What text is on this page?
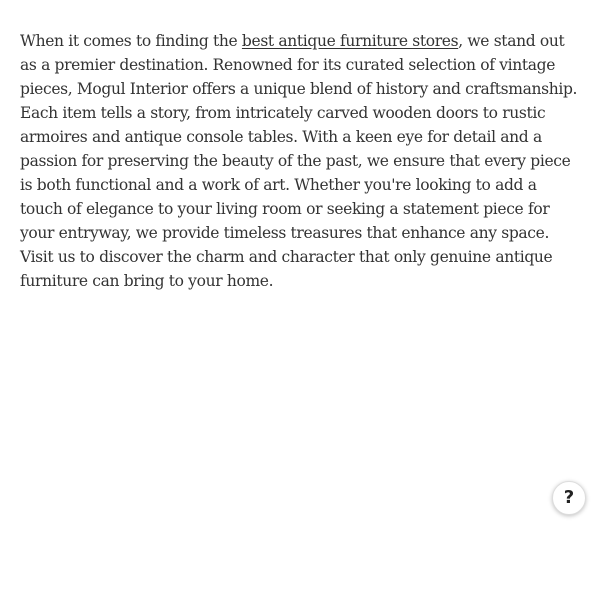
When it comes to finding the best antique furniture stores, we stand out as a premier destination. Renowned for its curated selection of vintage pieces, Mogul Interior offers a unique blend of history and craftsmanship. Each item tells a story, from intricately carved wooden doors to rustic armoires and antique console tables. With a keen eye for detail and a passion for preserving the beauty of the past, we ensure that every piece is both functional and a work of art. Whether you're looking to add a touch of elegance to your living room or seeking a statement piece for your entryway, we provide timeless treasures that enhance any space. Visit us to discover the charm and character that only genuine antique furniture can bring to your home.

?
